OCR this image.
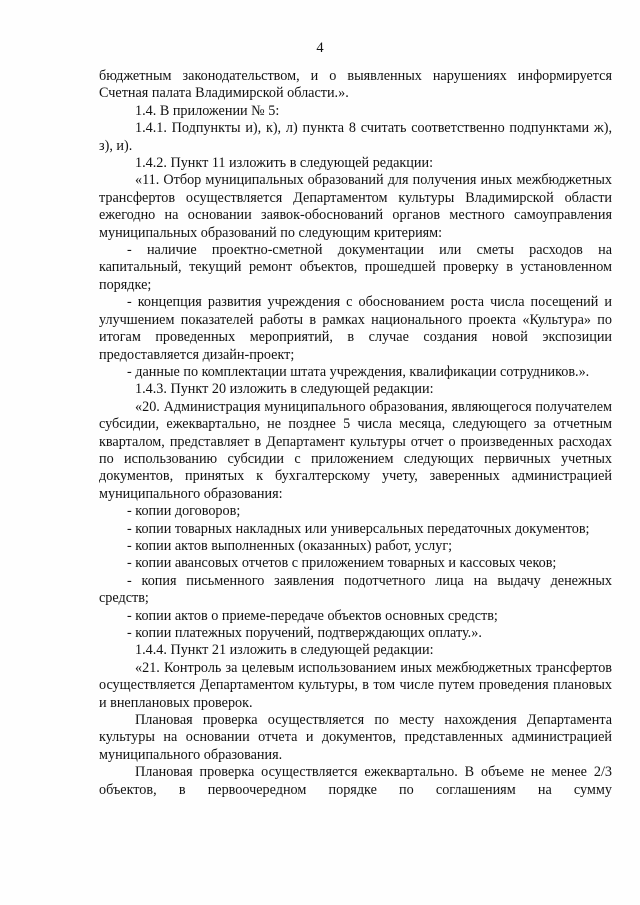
4

бюджетным законодательством, и о выявленных нарушениях информируется Счетная палата Владимирской области.».

1.4. В приложении № 5:

1.4.1. Подпункты и), к), л) пункта 8 считать соответственно подпунктами ж), з), и).

1.4.2. Пункт 11 изложить в следующей редакции:

«11. Отбор муниципальных образований для получения иных межбюджетных трансфертов осуществляется Департаментом культуры Владимирской области ежегодно на основании заявок-обоснований органов местного самоуправления муниципальных образований по следующим критериям:

- наличие проектно-сметной документации или сметы расходов на капитальный, текущий ремонт объектов, прошедшей проверку в установленном порядке;

- концепция развития учреждения с обоснованием роста числа посещений и улучшением показателей работы в рамках национального проекта «Культура» по итогам проведенных мероприятий, в случае создания новой экспозиции предоставляется дизайн-проект;

- данные по комплектации штата учреждения, квалификации сотрудников.».

1.4.3. Пункт 20 изложить в следующей редакции:

«20. Администрация муниципального образования, являющегося получателем субсидии, ежеквартально, не позднее 5 числа месяца, следующего за отчетным кварталом, представляет в Департамент культуры отчет о произведенных расходах по использованию субсидии с приложением следующих первичных учетных документов, принятых к бухгалтерскому учету, заверенных администрацией муниципального образования:

- копии договоров;

- копии товарных накладных или универсальных передаточных документов;

- копии актов выполненных (оказанных) работ, услуг;

- копии авансовых отчетов с приложением товарных и кассовых чеков;

- копия письменного заявления подотчетного лица на выдачу денежных средств;

- копии актов о приеме-передаче объектов основных средств;

- копии платежных поручений, подтверждающих оплату.».

1.4.4. Пункт 21 изложить в следующей редакции:

«21. Контроль за целевым использованием иных межбюджетных трансфертов осуществляется Департаментом культуры, в том числе путем проведения плановых и внеплановых проверок.

Плановая проверка осуществляется по месту нахождения Департамента культуры на основании отчета и документов, представленных администрацией муниципального образования.

Плановая проверка осуществляется ежеквартально. В объеме не менее 2/3 объектов, в первоочередном порядке по соглашениям на сумму
